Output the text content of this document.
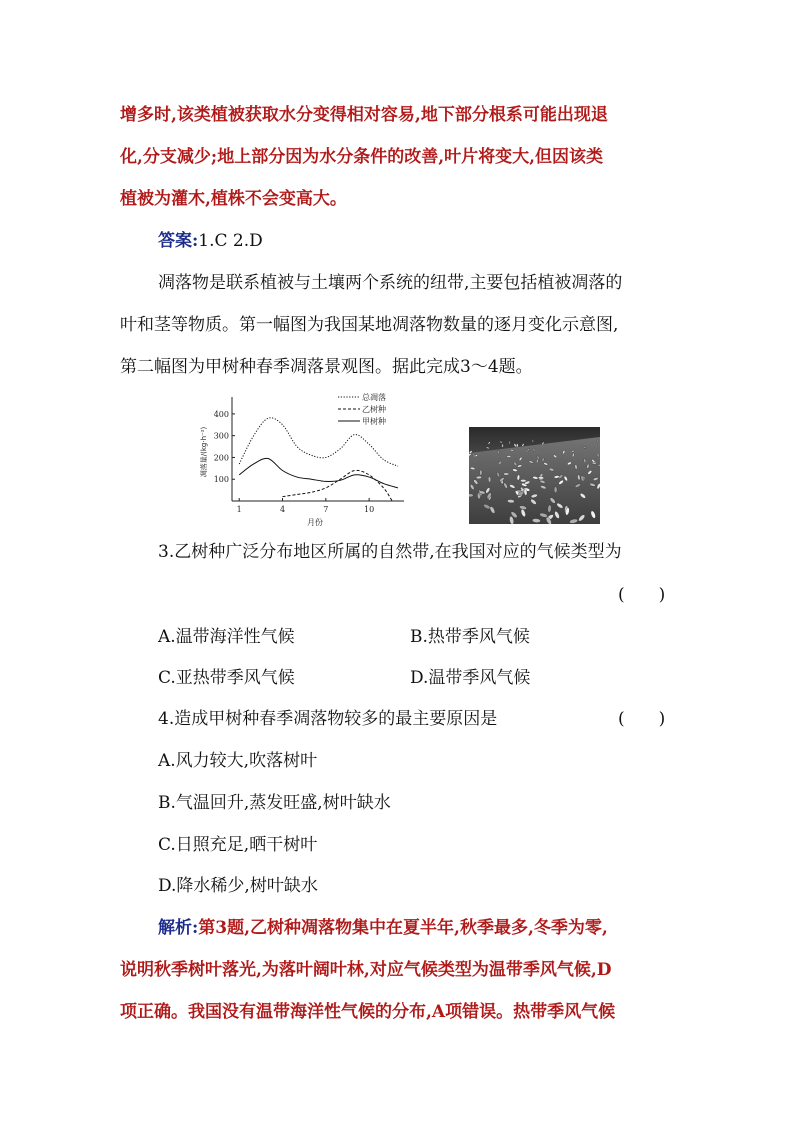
增多时,该类植被获取水分变得相对容易,地下部分根系可能出现退
化,分支减少;地上部分因为水分条件的改善,叶片将变大,但因该类
植被为灌木,植株不会变高大。
答案:1.C 2.D
凋落物是联系植被与土壤两个系统的纽带,主要包括植被凋落的
叶和茎等物质。第一幅图为我国某地凋落物数量的逐月变化示意图,
第二幅图为甲树种春季凋落景观图。据此完成3～4题。
100
200
300
400
1	4	7	10
月份
凋落量/(kg·h⁻²)
总凋落
乙树种
甲树种
3.乙树种广泛分布地区所属的自然带,在我国对应的气候类型为
(　　)
A.温带海洋性气候	B.热带季风气候
C.亚热带季风气候	D.温带季风气候
4.造成甲树种春季凋落物较多的最主要原因是	(　　)
A.风力较大,吹落树叶
B.气温回升,蒸发旺盛,树叶缺水
C.日照充足,晒干树叶
D.降水稀少,树叶缺水
解析:第3题,乙树种凋落物集中在夏半年,秋季最多,冬季为零,
说明秋季树叶落光,为落叶阔叶林,对应气候类型为温带季风气候,D
项正确。我国没有温带海洋性气候的分布,A项错误。热带季风气候
